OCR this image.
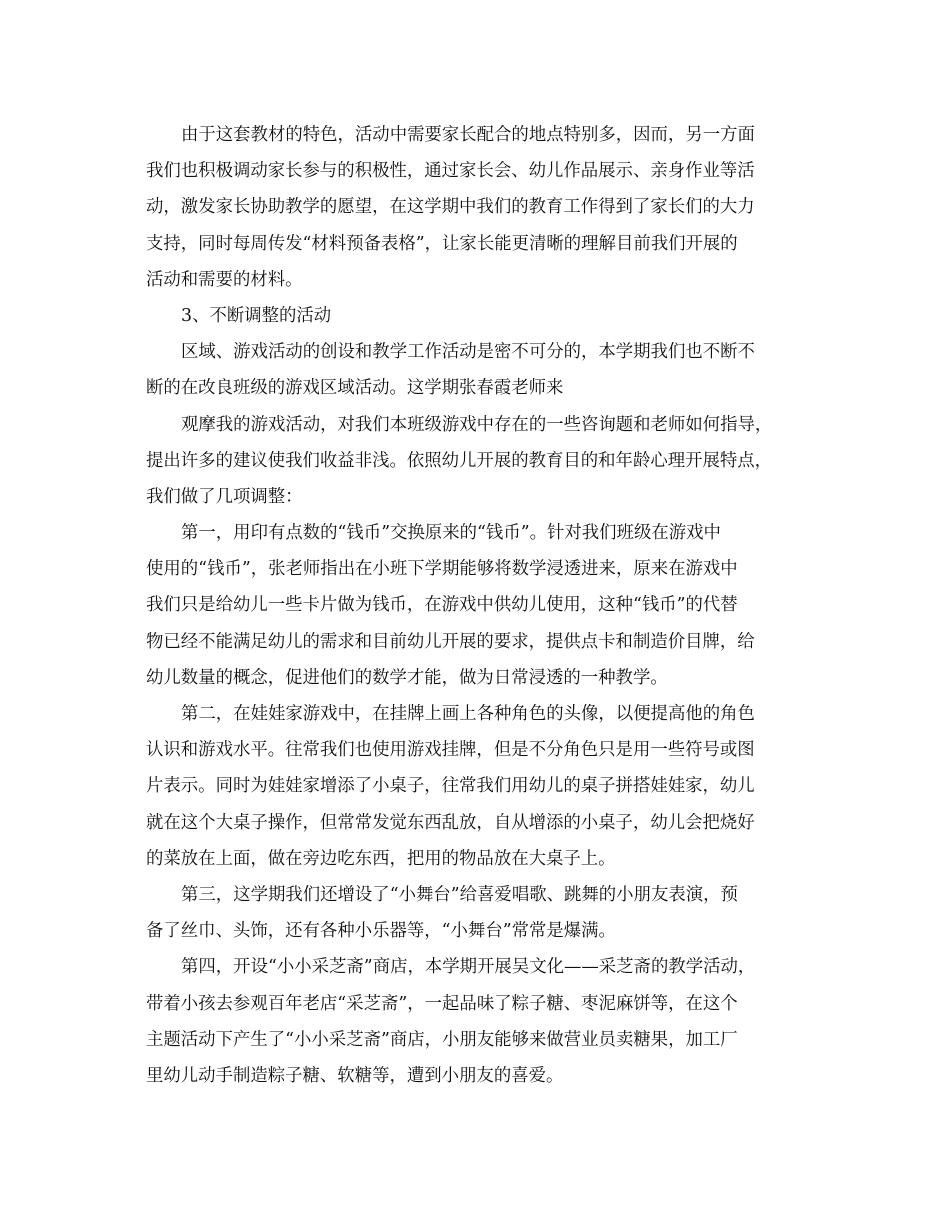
由于这套教材的特色，活动中需要家长配合的地点特别多，因而，另一方面
我们也积极调动家长参与的积极性，通过家长会、幼儿作品展示、亲身作业等活
动，激发家长协助教学的愿望，在这学期中我们的教育工作得到了家长们的大力
支持，同时每周传发“材料预备表格”，让家长能更清晰的理解目前我们开展的
活动和需要的材料。
3、不断调整的活动
区域、游戏活动的创设和教学工作活动是密不可分的，本学期我们也不断不
断的在改良班级的游戏区域活动。这学期张春霞老师来
观摩我的游戏活动，对我们本班级游戏中存在的一些咨询题和老师如何指导，
提出许多的建议使我们收益非浅。依照幼儿开展的教育目的和年龄心理开展特点，
我们做了几项调整：
第一，用印有点数的“钱币”交换原来的“钱币”。针对我们班级在游戏中
使用的“钱币”，张老师指出在小班下学期能够将数学浸透进来，原来在游戏中
我们只是给幼儿一些卡片做为钱币，在游戏中供幼儿使用，这种“钱币”的代替
物已经不能满足幼儿的需求和目前幼儿开展的要求，提供点卡和制造价目牌，给
幼儿数量的概念，促进他们的数学才能，做为日常浸透的一种教学。
第二，在娃娃家游戏中，在挂牌上画上各种角色的头像，以便提高他的角色
认识和游戏水平。往常我们也使用游戏挂牌，但是不分角色只是用一些符号或图
片表示。同时为娃娃家增添了小桌子，往常我们用幼儿的桌子拼搭娃娃家，幼儿
就在这个大桌子操作，但常常发觉东西乱放，自从增添的小桌子，幼儿会把烧好
的菜放在上面，做在旁边吃东西，把用的物品放在大桌子上。
第三，这学期我们还增设了“小舞台”给喜爱唱歌、跳舞的小朋友表演，预
备了丝巾、头饰，还有各种小乐器等，“小舞台”常常是爆满。
第四，开设“小小采芝斋”商店，本学期开展吴文化——采芝斋的教学活动，
带着小孩去参观百年老店“采芝斋”，一起品味了粽子糖、枣泥麻饼等，在这个
主题活动下产生了“小小采芝斋”商店，小朋友能够来做营业员卖糖果，加工厂
里幼儿动手制造粽子糖、软糖等，遭到小朋友的喜爱。
